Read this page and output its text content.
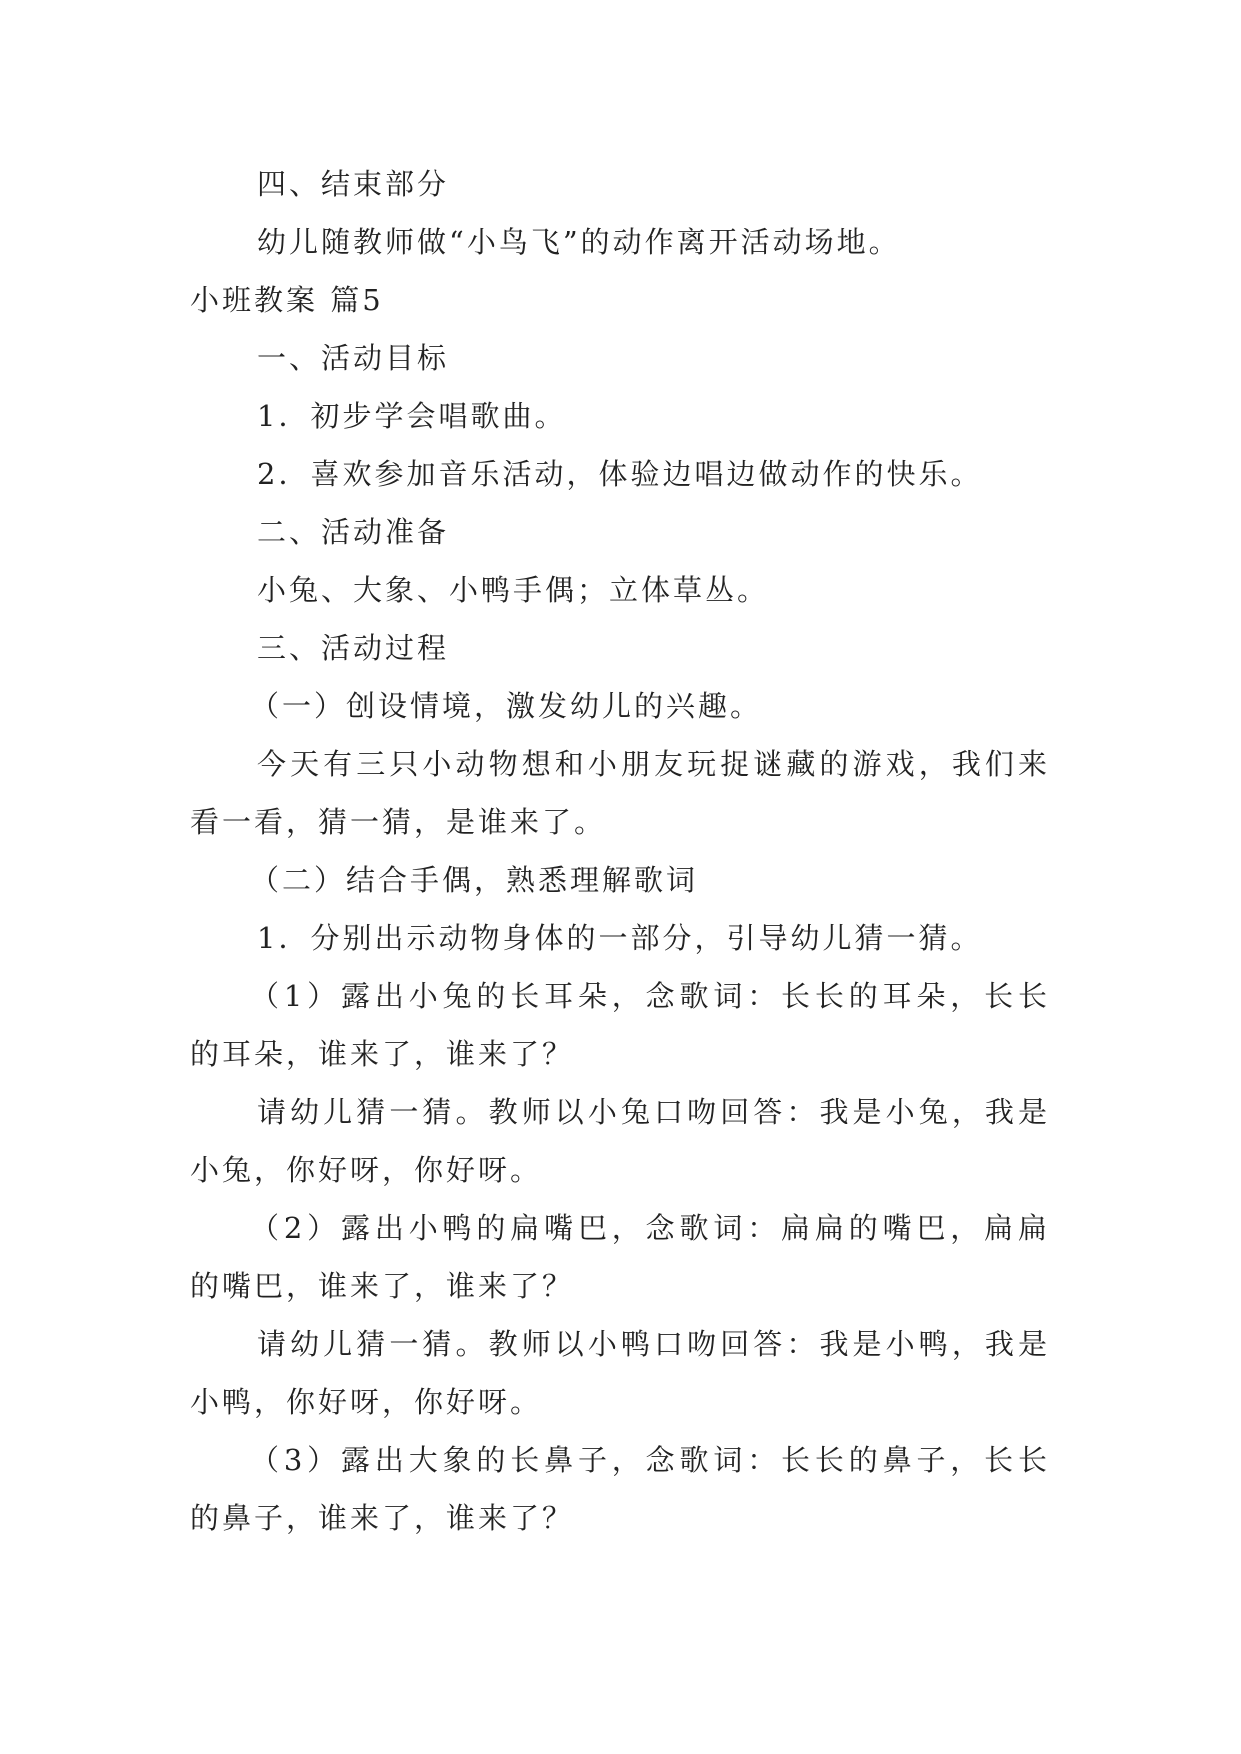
四、结束部分
幼儿随教师做“小鸟飞”的动作离开活动场地。
小班教案 篇5
一、活动目标
1．初步学会唱歌曲。
2．喜欢参加音乐活动，体验边唱边做动作的快乐。
二、活动准备
小兔、大象、小鸭手偶；立体草丛。
三、活动过程
（一）创设情境，激发幼儿的兴趣。
今天有三只小动物想和小朋友玩捉谜藏的游戏，我们来
看一看，猜一猜，是谁来了。
（二）结合手偶，熟悉理解歌词
1．分别出示动物身体的一部分，引导幼儿猜一猜。
（1）露出小兔的长耳朵，念歌词：长长的耳朵，长长
的耳朵，谁来了，谁来了？
请幼儿猜一猜。教师以小兔口吻回答：我是小兔，我是
小兔，你好呀，你好呀。
（2）露出小鸭的扁嘴巴，念歌词：扁扁的嘴巴，扁扁
的嘴巴，谁来了，谁来了？
请幼儿猜一猜。教师以小鸭口吻回答：我是小鸭，我是
小鸭，你好呀，你好呀。
（3）露出大象的长鼻子，念歌词：长长的鼻子，长长
的鼻子，谁来了，谁来了？
